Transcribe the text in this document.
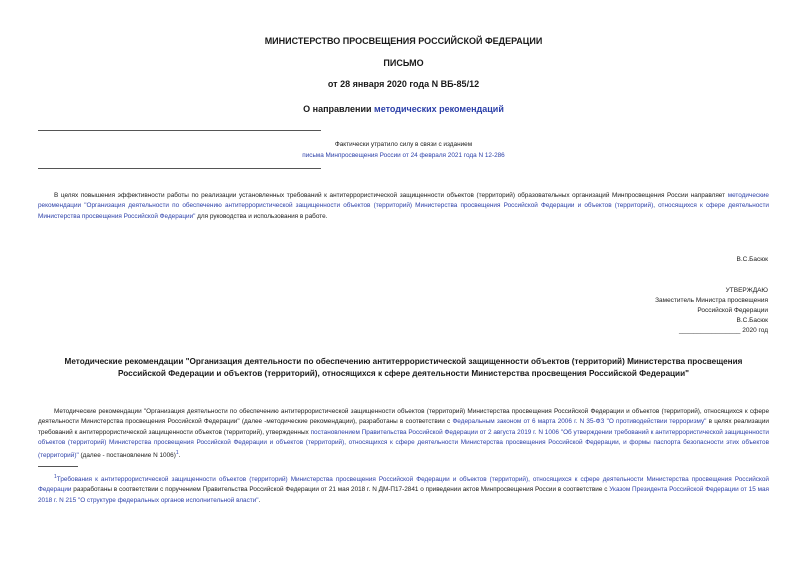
МИНИСТЕРСТВО ПРОСВЕЩЕНИЯ РОССИЙСКОЙ ФЕДЕРАЦИИ
ПИСЬМО
от 28 января 2020 года N ВБ-85/12
О направлении методических рекомендаций
Фактически утратило силу в связи с изданием
письма Минпросвещения России от 24 февраля 2021 года N 12-286
В целях повышения эффективности работы по реализации установленных требований к антитеррористической защищенности объектов (территорий) образовательных организаций Минпросвещения России направляет методические рекомендации "Организация деятельности по обеспечению антитеррористической защищенности объектов (территорий) Министерства просвещения Российской Федерации и объектов (территорий), относящихся к сфере деятельности Министерства просвещения Российской Федерации" для руководства и использования в работе.
В.С.Басюк
УТВЕРЖДАЮ
Заместитель Министра просвещения
Российской Федерации
В.С.Басюк
_________________ 2020 год
Методические рекомендации "Организация деятельности по обеспечению антитеррористической защищенности объектов (территорий) Министерства просвещения Российской Федерации и объектов (территорий), относящихся к сфере деятельности Министерства просвещения Российской Федерации"
Методические рекомендации "Организация деятельности по обеспечению антитеррористической защищенности объектов (территорий) Министерства просвещения Российской Федерации и объектов (территорий), относящихся к сфере деятельности Министерства просвещения Российской Федерации" (далее -методические рекомендации), разработаны в соответствии с Федеральным законом от 6 марта 2006 г. N 35-ФЗ "О противодействии терроризму" в целях реализации требований к антитеррористической защищенности объектов (территорий), утвержденных постановлением Правительства Российской Федерации от 2 августа 2019 г. N 1006 "Об утверждении требований к антитеррористической защищенности объектов (территорий) Министерства просвещения Российской Федерации и объектов (территорий), относящихся к сфере деятельности Министерства просвещения Российской Федерации, и формы паспорта безопасности этих объектов (территорий)" (далее - постановление N 1006)$^1$.
$^1$Требования к антитеррористической защищенности объектов (территорий) Министерства просвещения Российской Федерации и объектов (территорий), относящихся к сфере деятельности Министерства просвещения Российской Федерации разработаны в соответствии с поручением Правительства Российской Федерации от 21 мая 2018 г. N ДМ-П17-2841 о приведении актов Минпросвещения России в соответствие с Указом Президента Российской Федерации от 15 мая 2018 г. N 215 "О структуре федеральных органов исполнительной власти".
